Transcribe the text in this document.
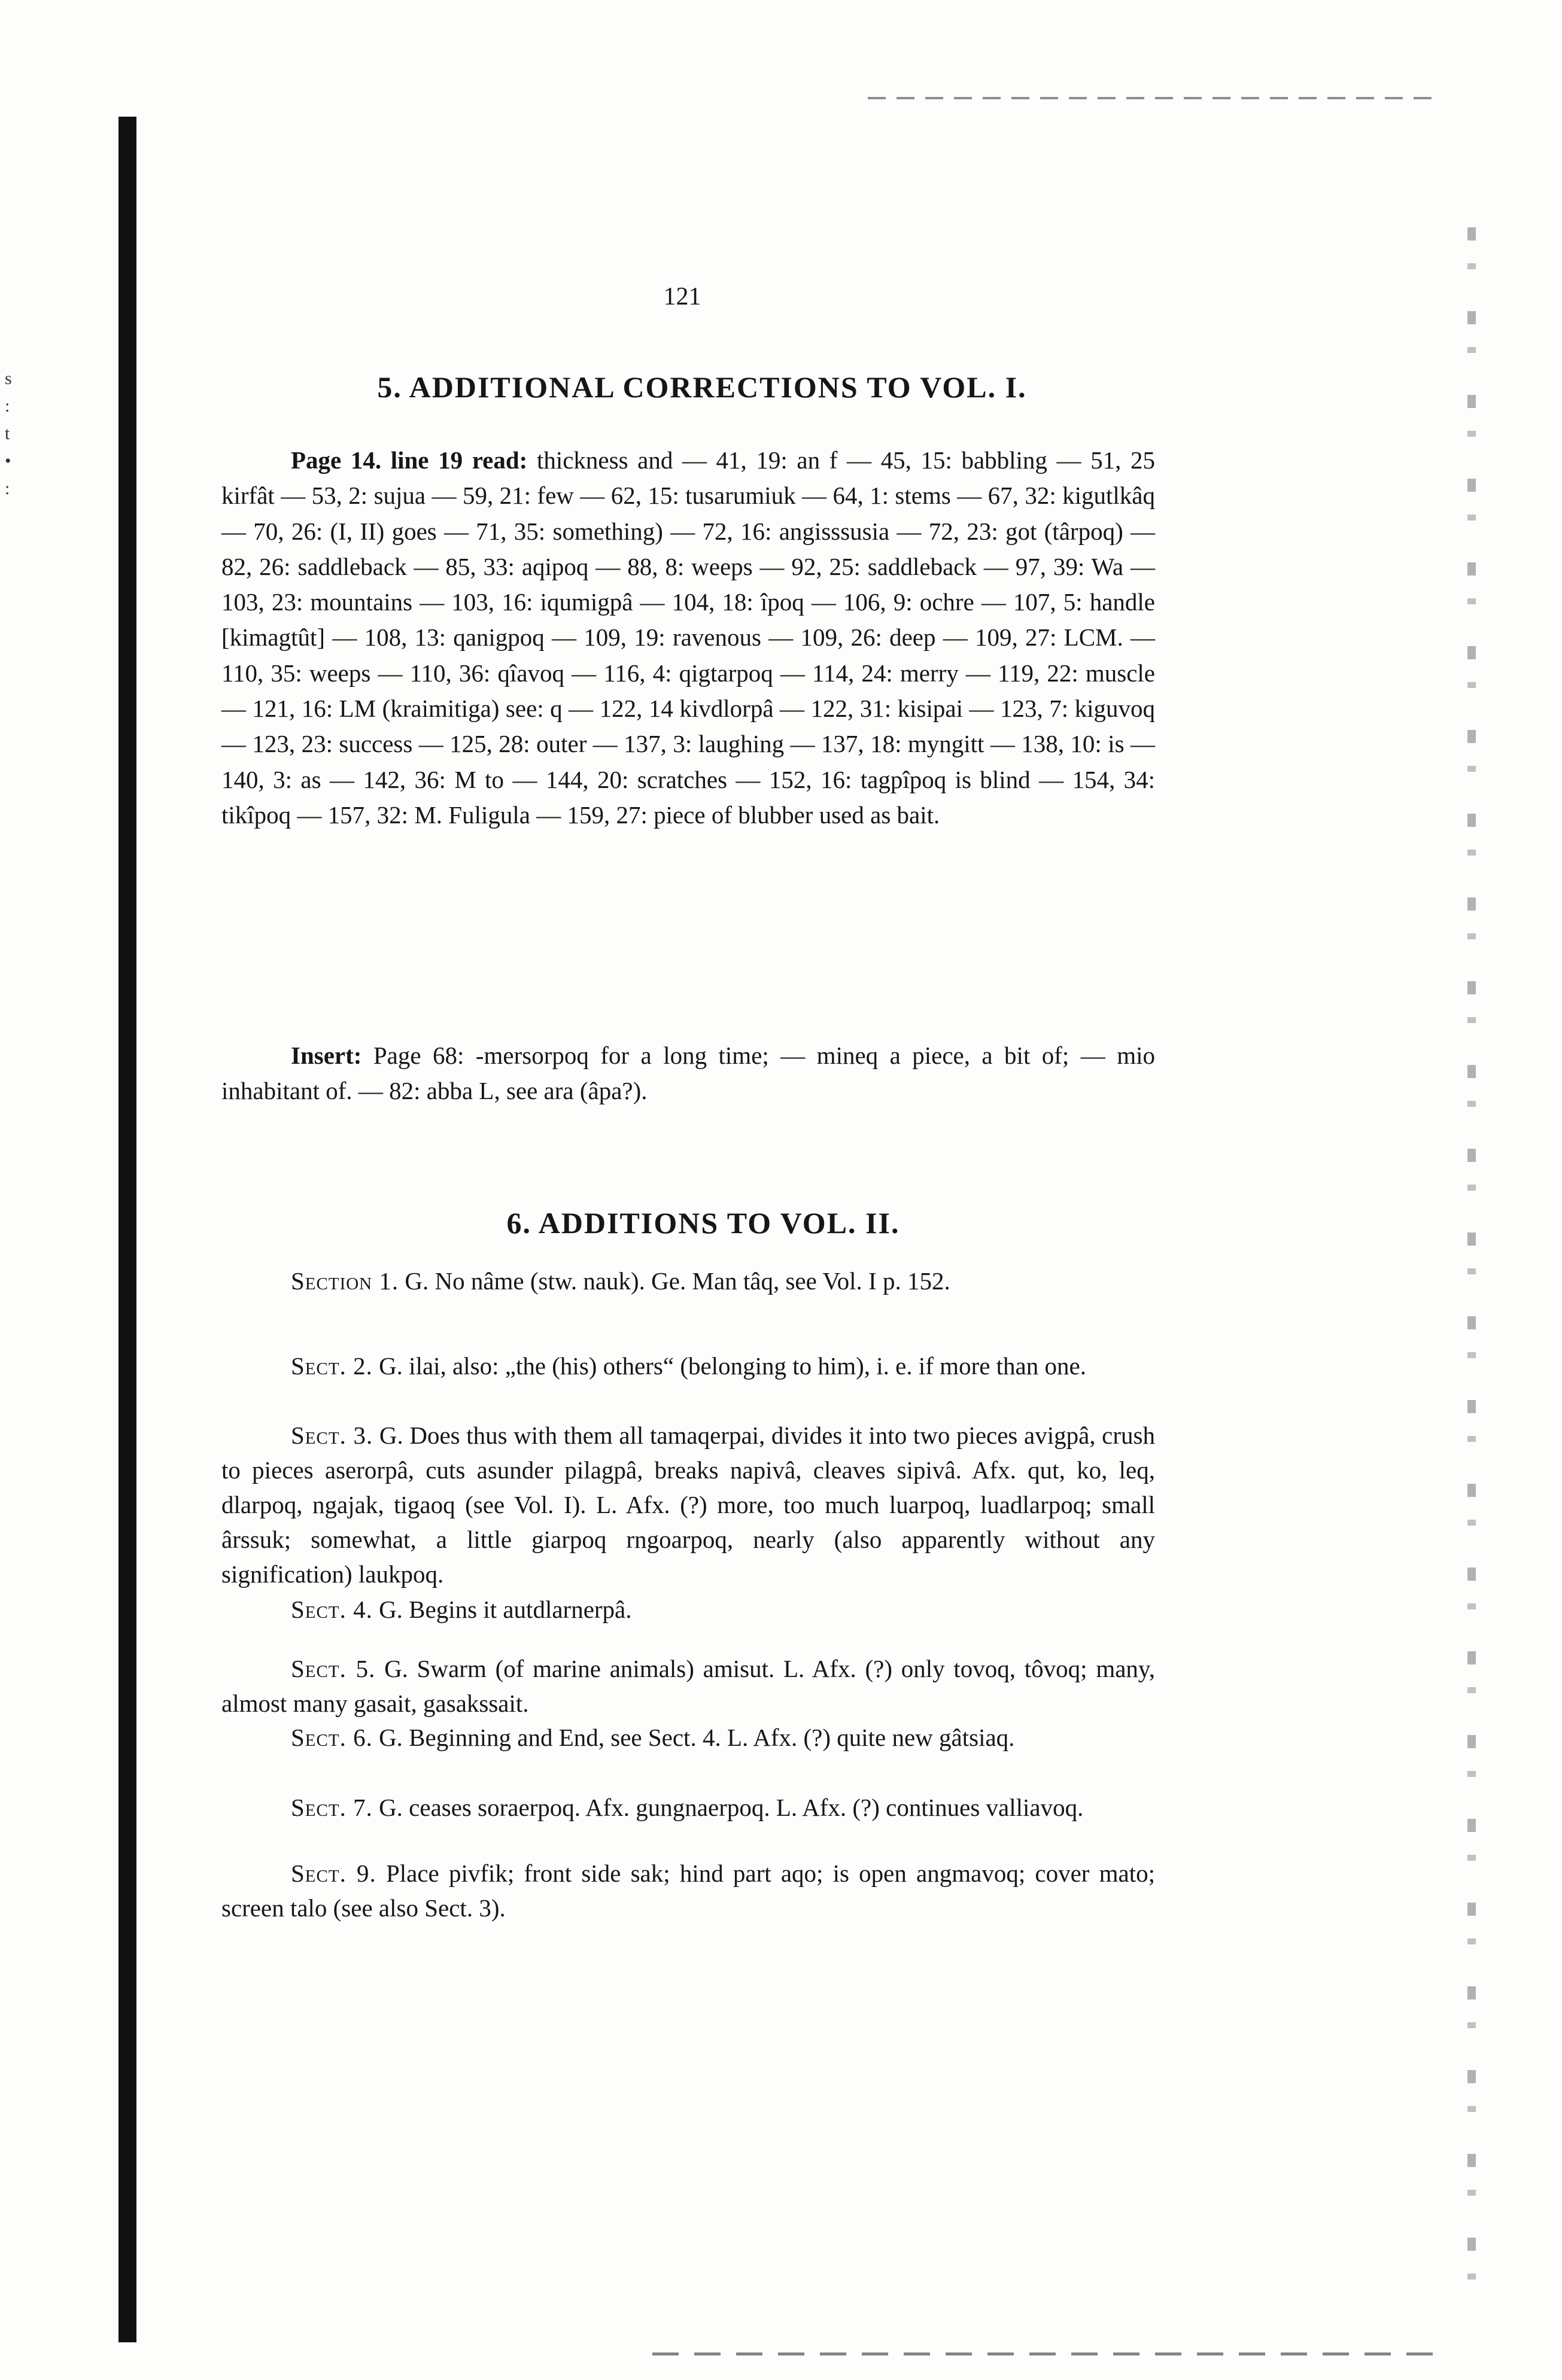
s
:
t
•
:
121
5. ADDITIONAL CORRECTIONS TO VOL. I.

Page 14. line 19 read: thickness and — 41, 19: an f — 45, 15: babbling — 51, 25 kirfât — 53, 2: sujua — 59, 21: few — 62, 15: tusarumiuk — 64, 1: stems — 67, 32: kigutlkâq — 70, 26: (I, II) goes — 71, 35: something) — 72, 16: angisssusia — 72, 23: got (târpoq) — 82, 26: saddleback — 85, 33: aqipoq — 88, 8: weeps — 92, 25: saddleback — 97, 39: Wa — 103, 23: mountains — 103, 16: iqumigpâ — 104, 18: îpoq — 106, 9: ochre — 107, 5: handle [kimagtût] — 108, 13: qanigpoq — 109, 19: ravenous — 109, 26: deep — 109, 27: LCM. — 110, 35: weeps — 110, 36: qîavoq — 116, 4: qigtarpoq — 114, 24: merry — 119, 22: muscle — 121, 16: LM (kraimitiga) see: q — 122, 14 kivdlorpâ — 122, 31: kisipai — 123, 7: kiguvoq — 123, 23: success — 125, 28: outer — 137, 3: laughing — 137, 18: myngitt — 138, 10: is — 140, 3: as — 142, 36: M to — 144, 20: scratches — 152, 16: tagpîpoq is blind — 154, 34: tikîpoq — 157, 32: M. Fuligula — 159, 27: piece of blubber used as bait.

Insert: Page 68: -mersorpoq for a long time; — mineq a piece, a bit of; — mio inhabitant of. — 82: abba L, see ara (âpa?).

6. ADDITIONS TO VOL. II.

Section 1. G. No nâme (stw. nauk). Ge. Man tâq, see Vol. I p. 152.

Sect. 2. G. ilai, also: „the (his) others“ (belonging to him), i. e. if more than one.

Sect. 3. G. Does thus with them all tamaqerpai, divides it into two pieces avigpâ, crush to pieces aserorpâ, cuts asunder pilagpâ, breaks napivâ, cleaves sipivâ. Afx. qut, ko, leq, dlarpoq, ngajak, tigaoq (see Vol. I). L. Afx. (?) more, too much luarpoq, luadlarpoq; small ârssuk; somewhat, a little giarpoq rngoarpoq, nearly (also apparently without any signification) laukpoq.

Sect. 4. G. Begins it autdlarnerpâ.

Sect. 5. G. Swarm (of marine animals) amisut. L. Afx. (?) only tovoq, tôvoq; many, almost many gasait, gasakssait.

Sect. 6. G. Beginning and End, see Sect. 4. L. Afx. (?) quite new gâtsiaq.

Sect. 7. G. ceases soraerpoq. Afx. gungnaerpoq. L. Afx. (?) continues valliavoq.

Sect. 9. Place pivfik; front side sak; hind part aqo; is open angmavoq; cover mato; screen talo (see also Sect. 3).
